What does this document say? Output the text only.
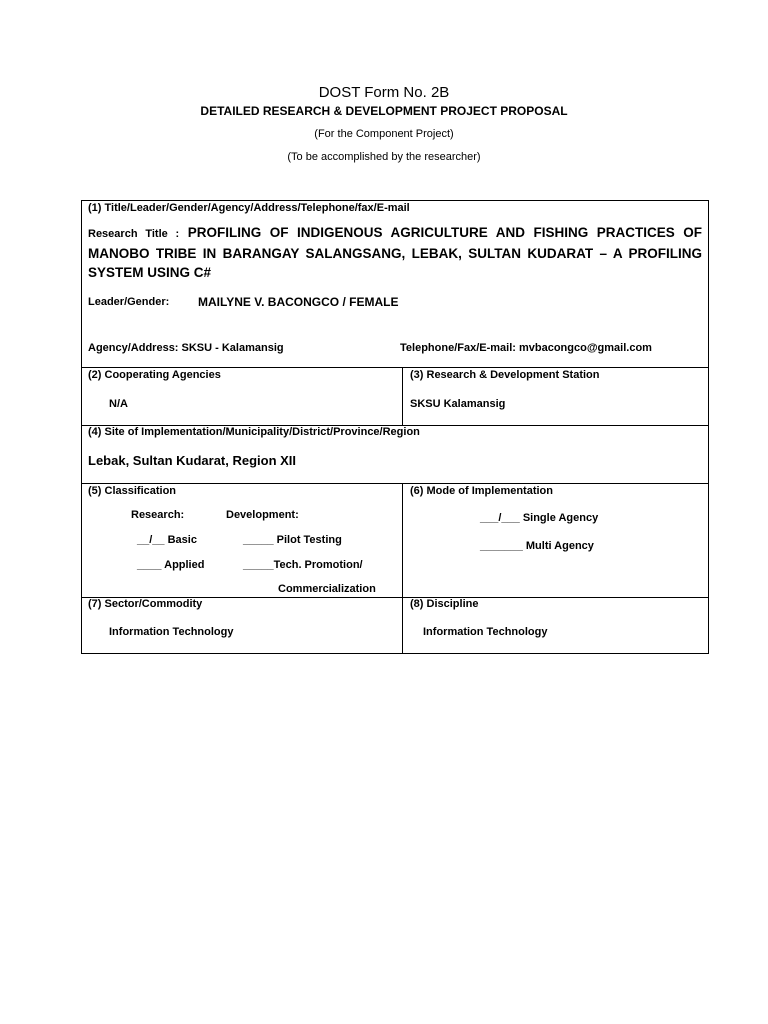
DOST Form No. 2B
DETAILED RESEARCH & DEVELOPMENT PROJECT PROPOSAL
(For the Component Project)
(To be accomplished by the researcher)
(1) Title/Leader/Gender/Agency/Address/Telephone/fax/E-mail
Research Title : PROFILING OF INDIGENOUS AGRICULTURE AND FISHING PRACTICES OF MANOBO TRIBE IN BARANGAY SALANGSANG, LEBAK, SULTAN KUDARAT – A PROFILING SYSTEM USING C#
Leader/Gender: MAILYNE V. BACONGCO / FEMALE
Agency/Address: SKSU - Kalamansig	Telephone/Fax/E-mail: mvbacongco@gmail.com
(2) Cooperating Agencies
N/A
(3) Research & Development Station
SKSU Kalamansig
(4) Site of Implementation/Municipality/District/Province/Region
Lebak, Sultan Kudarat, Region XII
(5) Classification
Research:	Development:
__/__ Basic	_____ Pilot Testing
____ Applied	_____Tech. Promotion/
Commercialization
(6) Mode of Implementation
___/___ Single Agency
_______ Multi Agency
(7) Sector/Commodity
Information Technology
(8) Discipline
Information Technology
